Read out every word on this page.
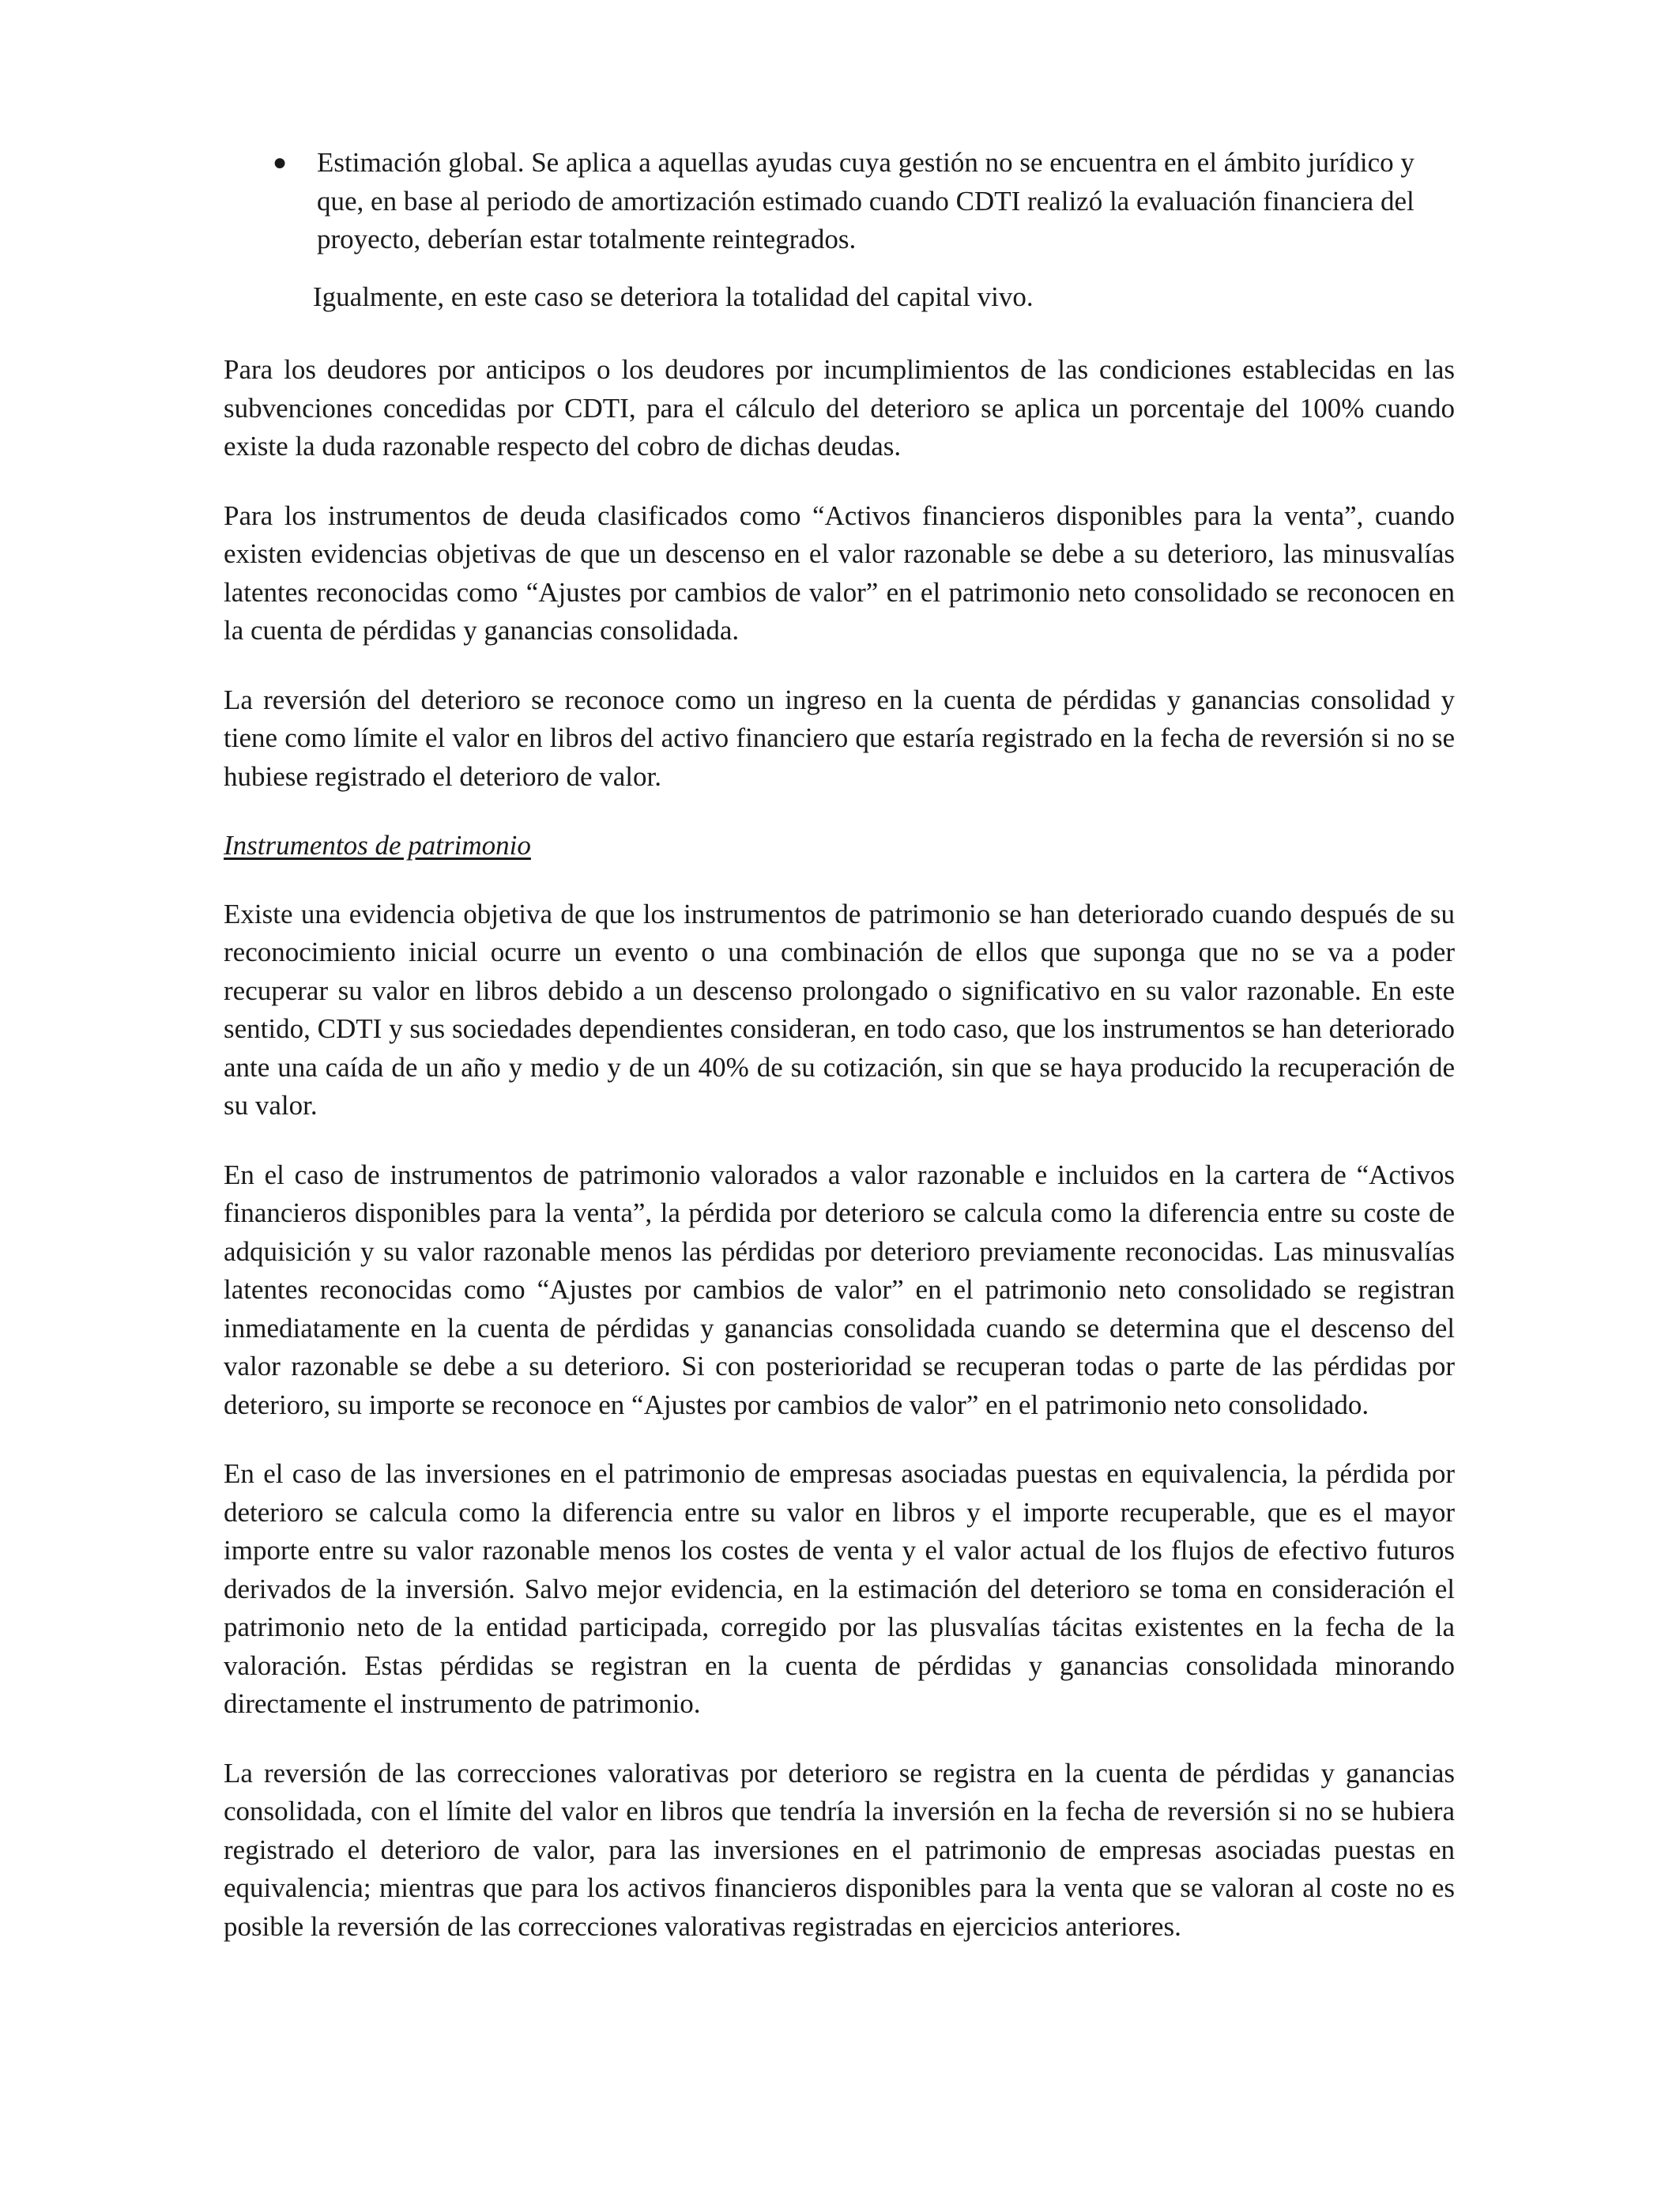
● Estimación global. Se aplica a aquellas ayudas cuya gestión no se encuentra en el ámbito jurídico y que, en base al periodo de amortización estimado cuando CDTI realizó la evaluación financiera del proyecto, deberían estar totalmente reintegrados.

Igualmente, en este caso se deteriora la totalidad del capital vivo.

Para los deudores por anticipos o los deudores por incumplimientos de las condiciones establecidas en las subvenciones concedidas por CDTI, para el cálculo del deterioro se aplica un porcentaje del 100% cuando existe la duda razonable respecto del cobro de dichas deudas.

Para los instrumentos de deuda clasificados como “Activos financieros disponibles para la venta”, cuando existen evidencias objetivas de que un descenso en el valor razonable se debe a su deterioro, las minusvalías latentes reconocidas como “Ajustes por cambios de valor” en el patrimonio neto consolidado se reconocen en la cuenta de pérdidas y ganancias consolidada.

La reversión del deterioro se reconoce como un ingreso en la cuenta de pérdidas y ganancias consolidad y tiene como límite el valor en libros del activo financiero que estaría registrado en la fecha de reversión si no se hubiese registrado el deterioro de valor.

Instrumentos de patrimonio

Existe una evidencia objetiva de que los instrumentos de patrimonio se han deteriorado cuando después de su reconocimiento inicial ocurre un evento o una combinación de ellos que suponga que no se va a poder recuperar su valor en libros debido a un descenso prolongado o significativo en su valor razonable. En este sentido, CDTI y sus sociedades dependientes consideran, en todo caso, que los instrumentos se han deteriorado ante una caída de un año y medio y de un 40% de su cotización, sin que se haya producido la recuperación de su valor.

En el caso de instrumentos de patrimonio valorados a valor razonable e incluidos en la cartera de “Activos financieros disponibles para la venta”, la pérdida por deterioro se calcula como la diferencia entre su coste de adquisición y su valor razonable menos las pérdidas por deterioro previamente reconocidas. Las minusvalías latentes reconocidas como “Ajustes por cambios de valor” en el patrimonio neto consolidado se registran inmediatamente en la cuenta de pérdidas y ganancias consolidada cuando se determina que el descenso del valor razonable se debe a su deterioro. Si con posterioridad se recuperan todas o parte de las pérdidas por deterioro, su importe se reconoce en “Ajustes por cambios de valor” en el patrimonio neto consolidado.

En el caso de las inversiones en el patrimonio de empresas asociadas puestas en equivalencia, la pérdida por deterioro se calcula como la diferencia entre su valor en libros y el importe recuperable, que es el mayor importe entre su valor razonable menos los costes de venta y el valor actual de los flujos de efectivo futuros derivados de la inversión. Salvo mejor evidencia, en la estimación del deterioro se toma en consideración el patrimonio neto de la entidad participada, corregido por las plusvalías tácitas existentes en la fecha de la valoración. Estas pérdidas se registran en la cuenta de pérdidas y ganancias consolidada minorando directamente el instrumento de patrimonio.

La reversión de las correcciones valorativas por deterioro se registra en la cuenta de pérdidas y ganancias consolidada, con el límite del valor en libros que tendría la inversión en la fecha de reversión si no se hubiera registrado el deterioro de valor, para las inversiones en el patrimonio de empresas asociadas puestas en equivalencia; mientras que para los activos financieros disponibles para la venta que se valoran al coste no es posible la reversión de las correcciones valorativas registradas en ejercicios anteriores.
